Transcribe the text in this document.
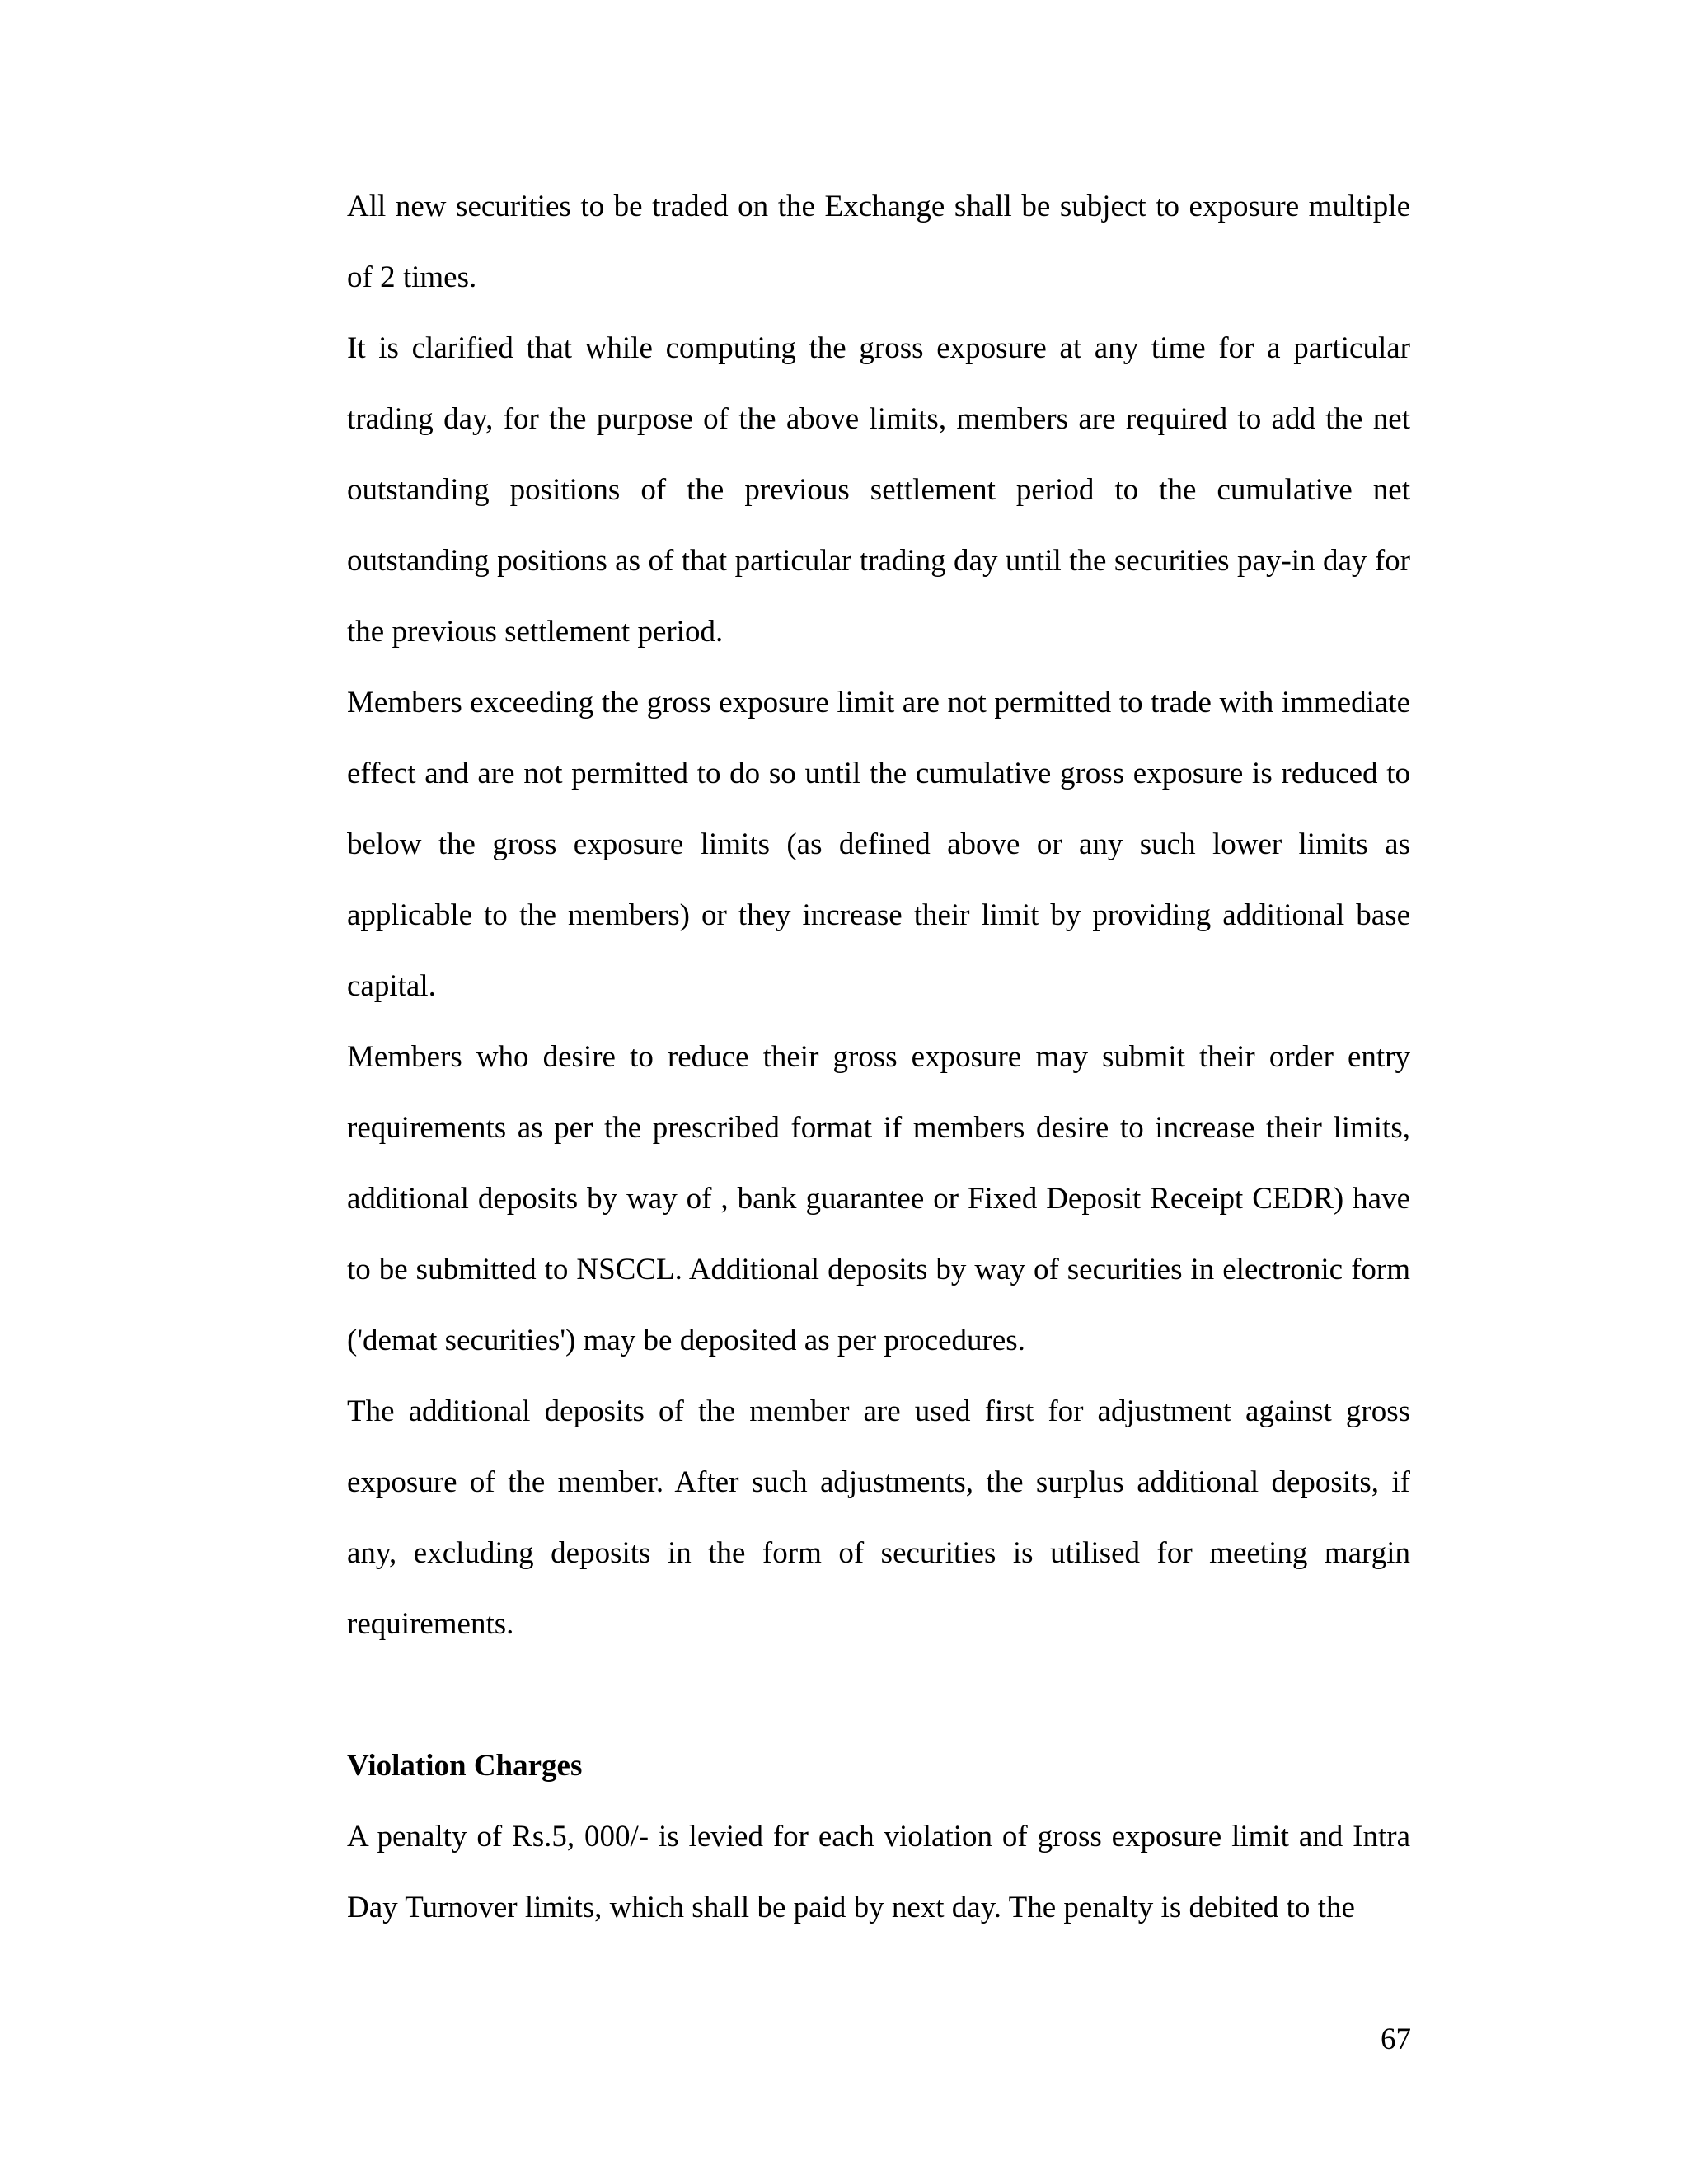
All new securities to be traded on the Exchange shall be subject to exposure multiple of 2 times.

It is clarified that while computing the gross exposure at any time for a particular trading day, for the purpose of the above limits, members are required to add the net outstanding positions of the previous settlement period to the cumulative net outstanding positions as of that particular trading day until the securities pay-in day for the previous settlement period.

Members exceeding the gross exposure limit are not permitted to trade with immediate effect and are not permitted to do so until the cumulative gross exposure is reduced to below the gross exposure limits (as defined above or any such lower limits as applicable to the members) or they increase their limit by providing additional base capital.

Members who desire to reduce their gross exposure may submit their order entry requirements as per the prescribed format if members desire to increase their limits, additional deposits by way of , bank guarantee or Fixed Deposit Receipt CEDR) have to be submitted to NSCCL. Additional deposits by way of securities in electronic form ('demat securities') may be deposited as per procedures.

The additional deposits of the member are used first for adjustment against gross exposure of the member. After such adjustments, the surplus additional deposits, if any, excluding deposits in the form of securities is utilised for meeting margin requirements.

Violation Charges

A penalty of Rs.5, 000/- is levied for each violation of gross exposure limit and Intra Day Turnover limits, which shall be paid by next day. The penalty is debited to the

67
